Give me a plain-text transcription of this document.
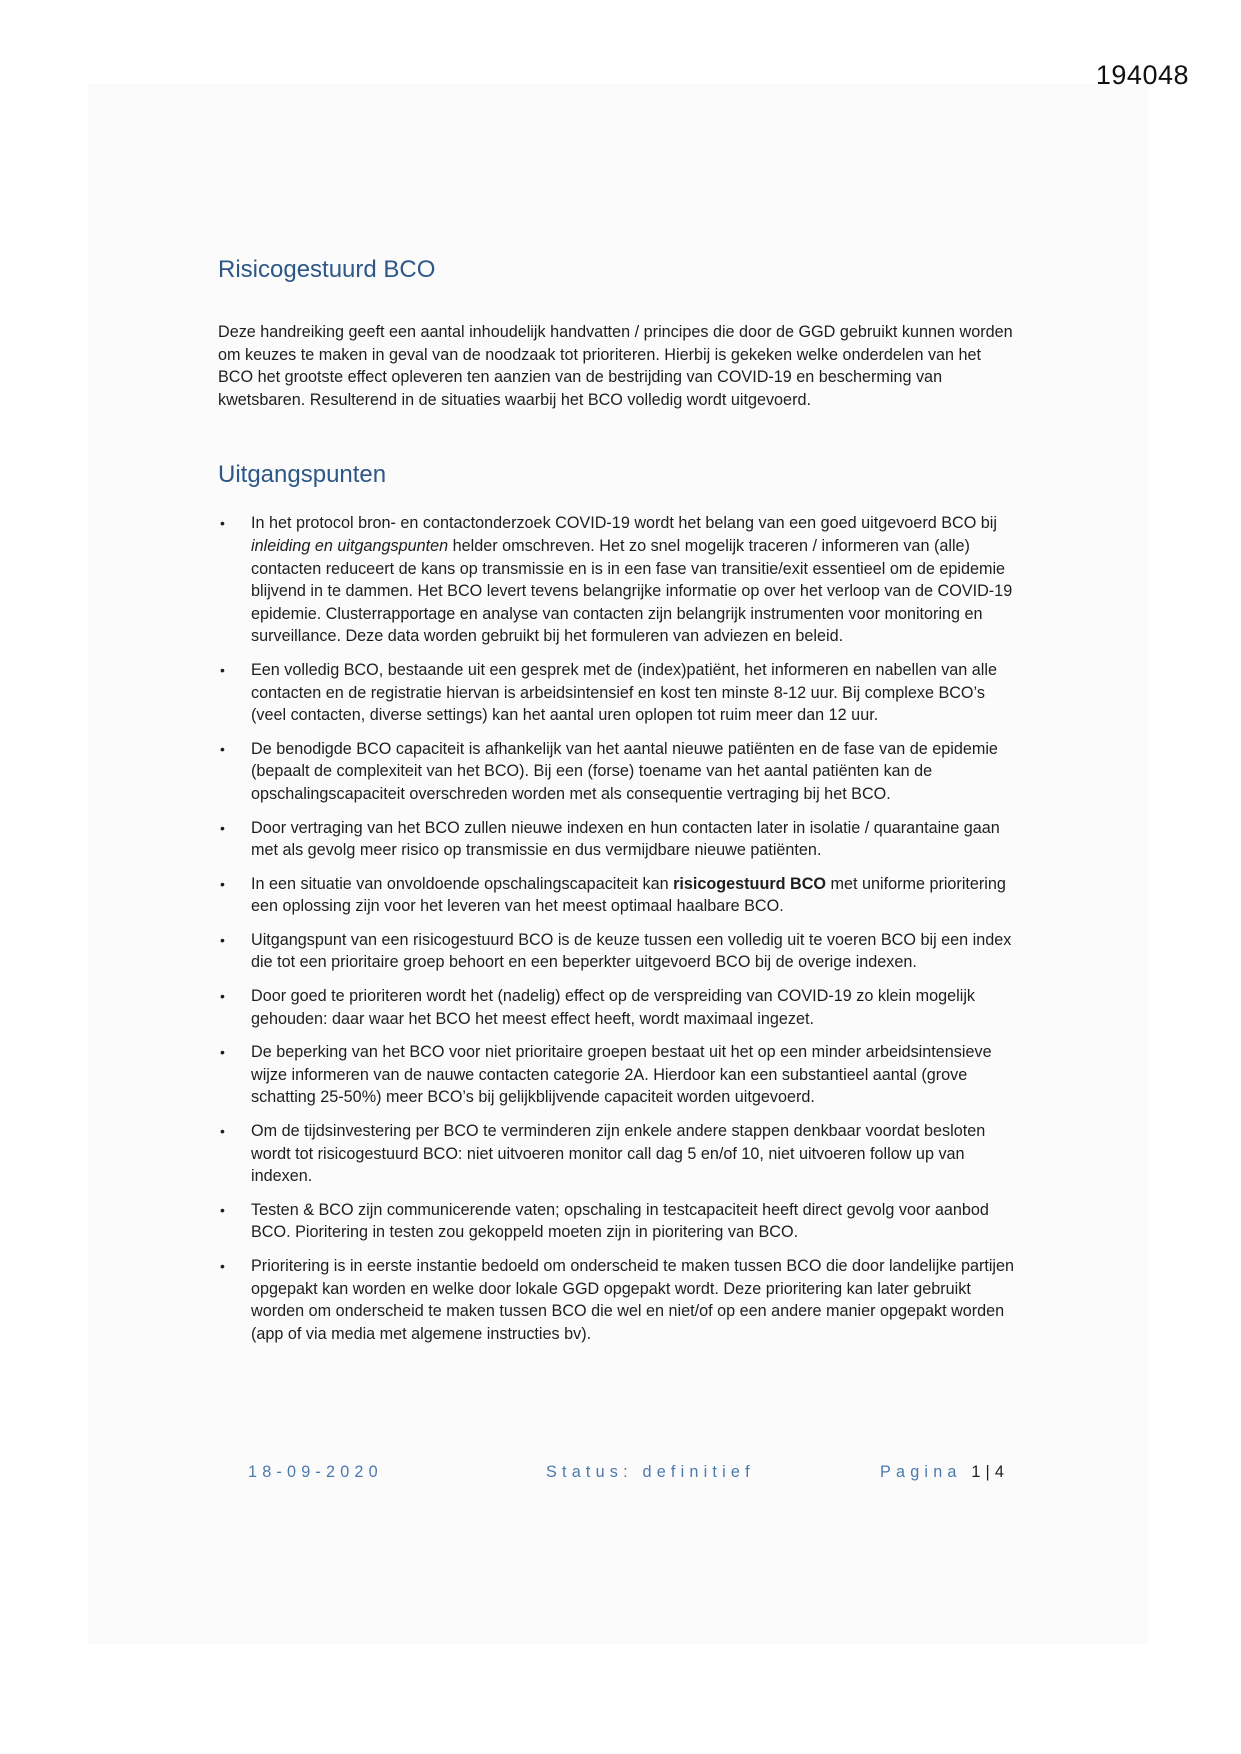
194048
Risicogestuurd BCO

Deze handreiking geeft een aantal inhoudelijk handvatten / principes die door de GGD gebruikt kunnen worden om keuzes te maken in geval van de noodzaak tot prioriteren. Hierbij is gekeken welke onderdelen van het BCO het grootste effect opleveren ten aanzien van de bestrijding van COVID-19 en bescherming van kwetsbaren. Resulterend in de situaties waarbij het BCO volledig wordt uitgevoerd.

Uitgangspunten
• In het protocol bron- en contactonderzoek COVID-19 wordt het belang van een goed uitgevoerd BCO bij inleiding en uitgangspunten helder omschreven. Het zo snel mogelijk traceren / informeren van (alle) contacten reduceert de kans op transmissie en is in een fase van transitie/exit essentieel om de epidemie blijvend in te dammen. Het BCO levert tevens belangrijke informatie op over het verloop van de COVID-19 epidemie. Clusterrapportage en analyse van contacten zijn belangrijk instrumenten voor monitoring en surveillance. Deze data worden gebruikt bij het formuleren van adviezen en beleid.
• Een volledig BCO, bestaande uit een gesprek met de (index)patiënt, het informeren en nabellen van alle contacten en de registratie hiervan is arbeidsintensief en kost ten minste 8-12 uur. Bij complexe BCO’s (veel contacten, diverse settings) kan het aantal uren oplopen tot ruim meer dan 12 uur.
• De benodigde BCO capaciteit is afhankelijk van het aantal nieuwe patiënten en de fase van de epidemie (bepaalt de complexiteit van het BCO). Bij een (forse) toename van het aantal patiënten kan de opschalingscapaciteit overschreden worden met als consequentie vertraging bij het BCO.
• Door vertraging van het BCO zullen nieuwe indexen en hun contacten later in isolatie / quarantaine gaan met als gevolg meer risico op transmissie en dus vermijdbare nieuwe patiënten.
• In een situatie van onvoldoende opschalingscapaciteit kan risicogestuurd BCO met uniforme prioritering een oplossing zijn voor het leveren van het meest optimaal haalbare BCO.
• Uitgangspunt van een risicogestuurd BCO is de keuze tussen een volledig uit te voeren BCO bij een index die tot een prioritaire groep behoort en een beperkter uitgevoerd BCO bij de overige indexen.
• Door goed te prioriteren wordt het (nadelig) effect op de verspreiding van COVID-19 zo klein mogelijk gehouden: daar waar het BCO het meest effect heeft, wordt maximaal ingezet.
• De beperking van het BCO voor niet prioritaire groepen bestaat uit het op een minder arbeidsintensieve wijze informeren van de nauwe contacten categorie 2A. Hierdoor kan een substantieel aantal (grove schatting 25-50%) meer BCO’s bij gelijkblijvende capaciteit worden uitgevoerd.
• Om de tijdsinvestering per BCO te verminderen zijn enkele andere stappen denkbaar voordat besloten wordt tot risicogestuurd BCO: niet uitvoeren monitor call dag 5 en/of 10, niet uitvoeren follow up van indexen.
• Testen & BCO zijn communicerende vaten; opschaling in testcapaciteit heeft direct gevolg voor aanbod BCO. Pioritering in testen zou gekoppeld moeten zijn in pioritering van BCO.
• Prioritering is in eerste instantie bedoeld om onderscheid te maken tussen BCO die door landelijke partijen opgepakt kan worden en welke door lokale GGD opgepakt wordt. Deze prioritering kan later gebruikt worden om onderscheid te maken tussen BCO die wel en niet/of op een andere manier opgepakt worden (app of via media met algemene instructies bv).
18-09-2020	Status: definitief	Pagina 1|4
